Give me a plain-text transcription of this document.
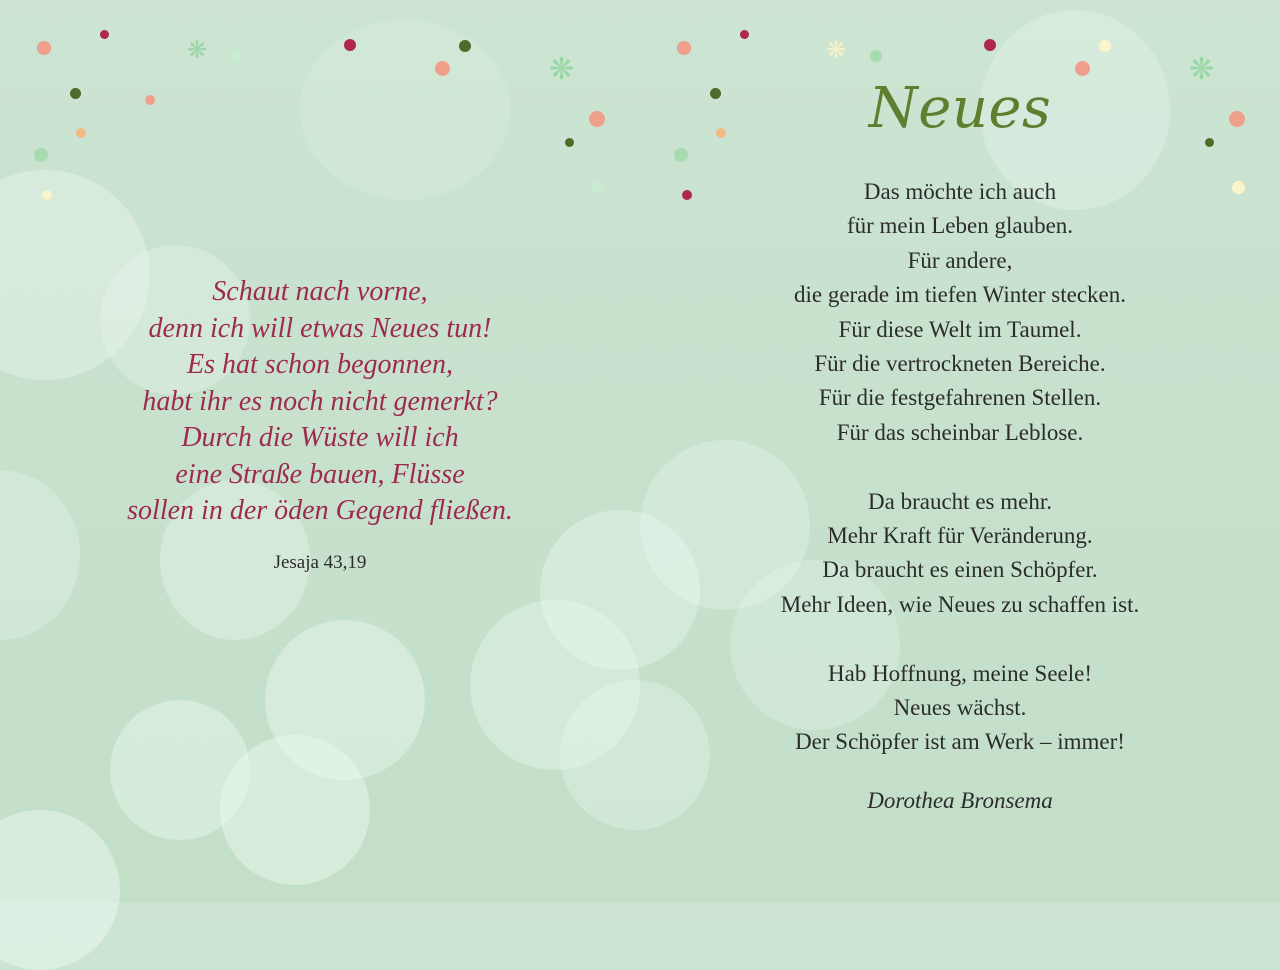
❋
❋
Schaut nach vorne,
denn ich will etwas Neues tun!
Es hat schon begonnen,
habt ihr es noch nicht gemerkt?
Durch die Wüste will ich
eine Straße bauen, Flüsse
sollen in der öden Gegend fließen.
Jesaja 43,19
❋
❋
Neues
Das möchte ich auch
für mein Leben glauben.
Für andere,
die gerade im tiefen Winter stecken.
Für diese Welt im Taumel.
Für die vertrockneten Bereiche.
Für die festgefahrenen Stellen.
Für das scheinbar Leblose.
Da braucht es mehr.
Mehr Kraft für Veränderung.
Da braucht es einen Schöpfer.
Mehr Ideen, wie Neues zu schaffen ist.
Hab Hoffnung, meine Seele!
Neues wächst.
Der Schöpfer ist am Werk – immer!
Dorothea Bronsema
